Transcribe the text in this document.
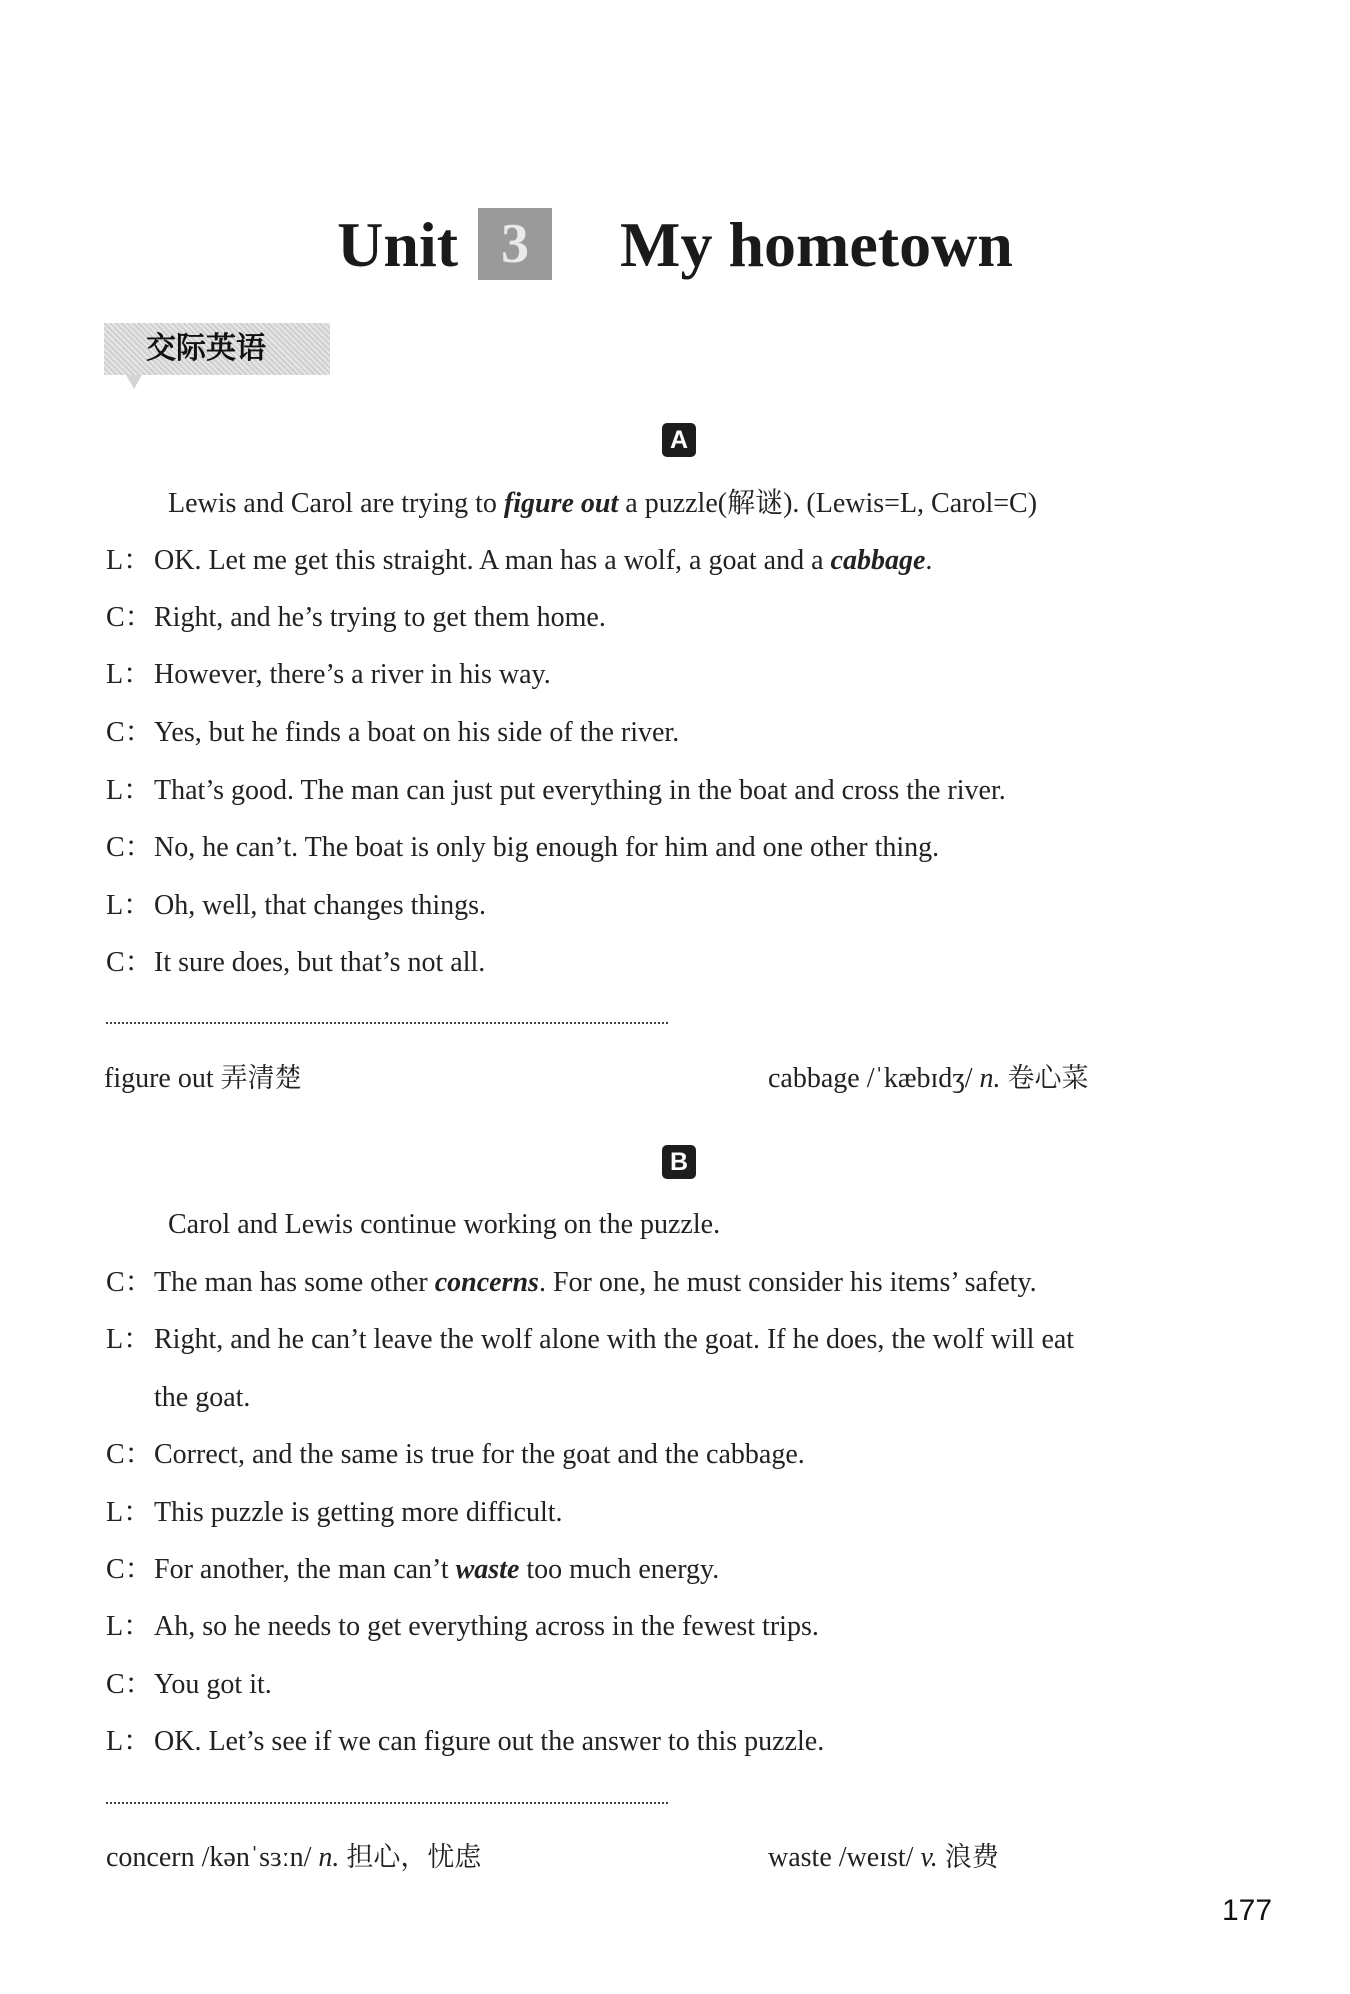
Unit 3 My hometown
交际英语
A
Lewis and Carol are trying to figure out a puzzle(解谜). (Lewis=L, Carol=C)
L： OK. Let me get this straight. A man has a wolf, a goat and a cabbage.
C：Right, and he’s trying to get them home.
L： However, there’s a river in his way.
C：Yes, but he finds a boat on his side of the river.
L： That’s good. The man can just put everything in the boat and cross the river.
C：No, he can’t. The boat is only big enough for him and one other thing.
L： Oh, well, that changes things.
C：It sure does, but that’s not all.
figure out 弄清楚	cabbage /ˈkæbɪdʒ/ n. 卷心菜
B
Carol and Lewis continue working on the puzzle.
C：The man has some other concerns. For one, he must consider his items’ safety.
L： Right, and he can’t leave the wolf alone with the goat. If he does, the wolf will eat
the goat.
C：Correct, and the same is true for the goat and the cabbage.
L： This puzzle is getting more difficult.
C：For another, the man can’t waste too much energy.
L： Ah, so he needs to get everything across in the fewest trips.
C：You got it.
L： OK. Let’s see if we can figure out the answer to this puzzle.
concern /kənˈsɜːn/ n. 担心，忧虑	waste /weɪst/ v. 浪费
177
